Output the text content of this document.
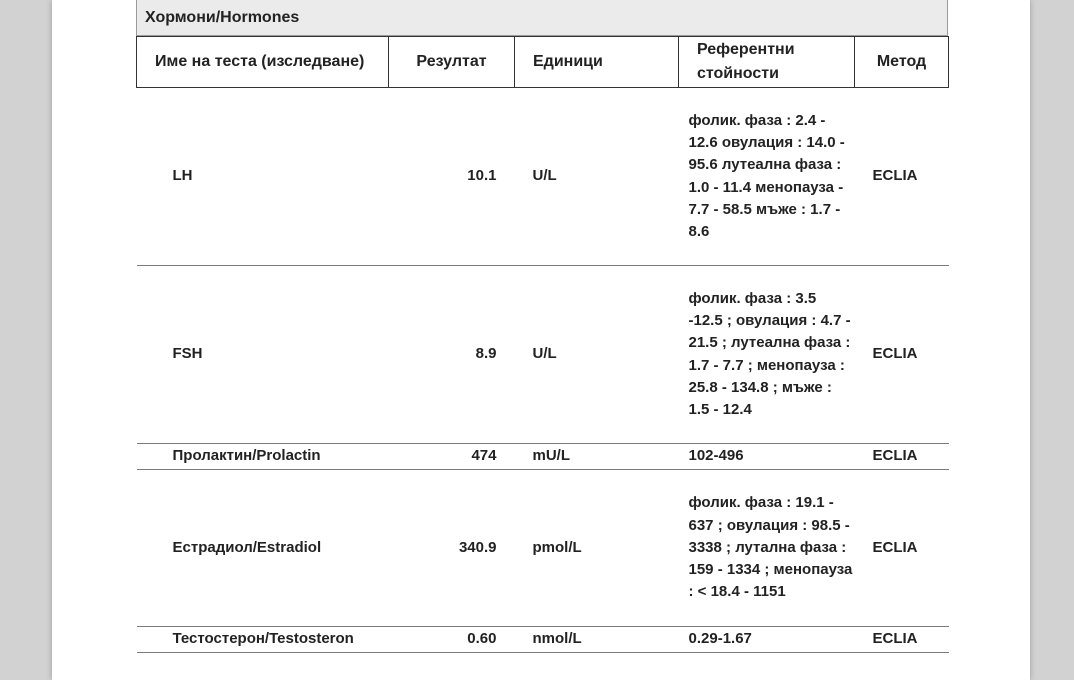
Хормони/Hormones
Име на теста (изследване)	Резултат	Единици	Референтни стойности	Метод
LH	10.1	U/L	фолик. фаза : 2.4 - 12.6 овулация : 14.0 - 95.6 лутеална фаза : 1.0 - 11.4 менопауза - 7.7 - 58.5 мъже : 1.7 - 8.6	ECLIA
FSH	8.9	U/L	фолик. фаза : 3.5 -12.5 ; овулация : 4.7 - 21.5 ; лутеална фаза : 1.7 - 7.7 ; менопауза : 25.8 - 134.8 ; мъже : 1.5 - 12.4	ECLIA
Пролактин/Prolactin	474	mU/L	102-496	ECLIA
Естрадиол/Estradiol	340.9	pmol/L	фолик. фаза : 19.1 - 637 ; овулация : 98.5 - 3338 ; лутална фаза : 159 - 1334 ; менопауза : < 18.4 - 1151	ECLIA
Тестостерон/Testosteron	0.60	nmol/L	0.29-1.67	ECLIA
